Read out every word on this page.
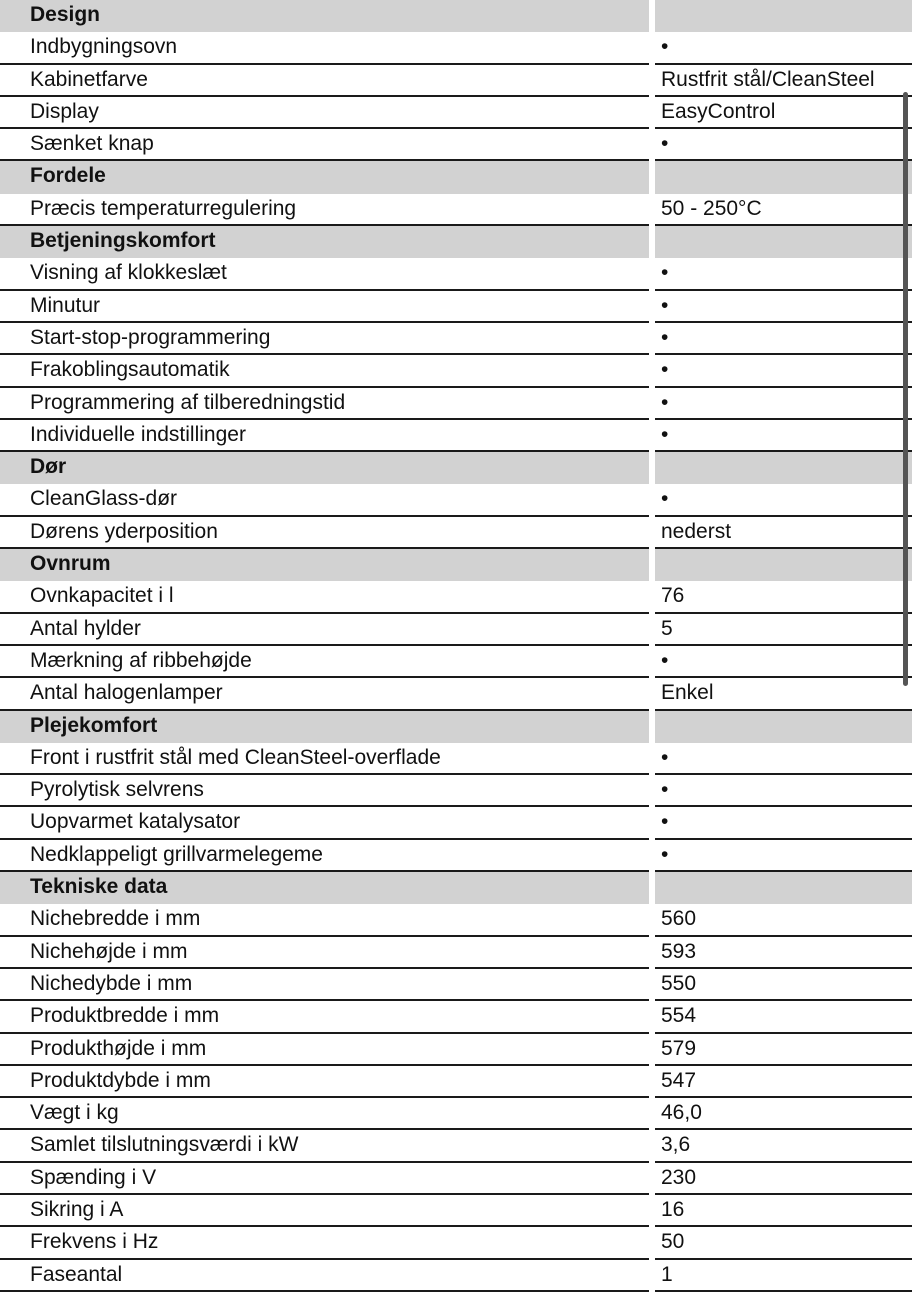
Design
Indbygningsovn	•
Kabinetfarve	Rustfrit stål/CleanSteel
Display	EasyControl
Sænket knap	•
Fordele
Præcis temperaturregulering	50 - 250°C
Betjeningskomfort
Visning af klokkeslæt	•
Minutur	•
Start-stop-programmering	•
Frakoblingsautomatik	•
Programmering af tilberedningstid	•
Individuelle indstillinger	•
Dør
CleanGlass-dør	•
Dørens yderposition	nederst
Ovnrum
Ovnkapacitet i l	76
Antal hylder	5
Mærkning af ribbehøjde	•
Antal halogenlamper	Enkel
Plejekomfort
Front i rustfrit stål med CleanSteel-overflade	•
Pyrolytisk selvrens	•
Uopvarmet katalysator	•
Nedklappeligt grillvarmelegeme	•
Tekniske data
Nichebredde i mm	560
Nichehøjde i mm	593
Nichedybde i mm	550
Produktbredde i mm	554
Produkthøjde i mm	579
Produktdybde i mm	547
Vægt i kg	46,0
Samlet tilslutningsværdi i kW	3,6
Spænding i V	230
Sikring i A	16
Frekvens i Hz	50
Faseantal	1
